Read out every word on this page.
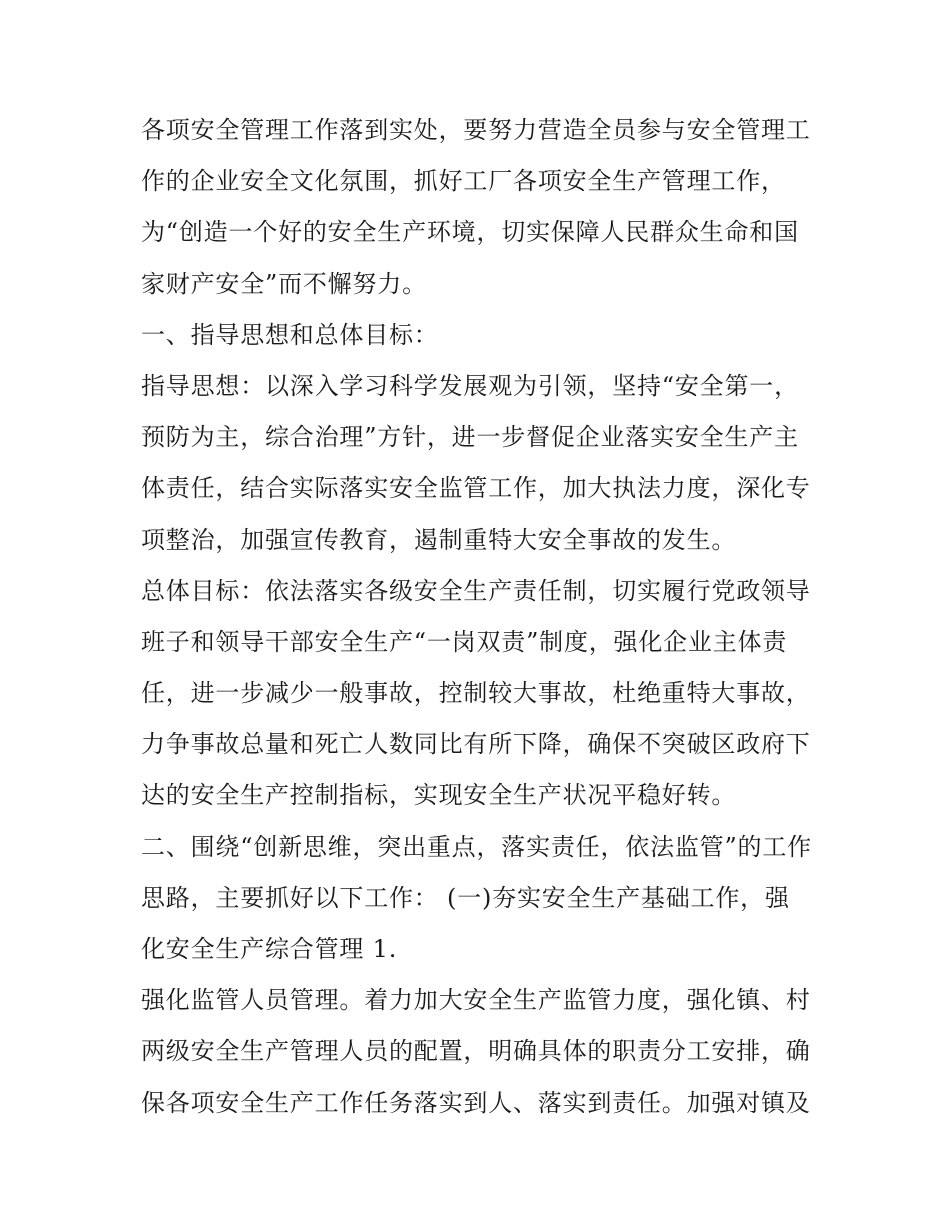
各项安全管理工作落到实处，要努力营造全员参与安全管理工
作的企业安全文化氛围，抓好工厂各项安全生产管理工作，
为“创造一个好的安全生产环境，切实保障人民群众生命和国
家财产安全”而不懈努力。
一、指导思想和总体目标：
指导思想：以深入学习科学发展观为引领，坚持“安全第一，
预防为主，综合治理”方针，进一步督促企业落实安全生产主
体责任，结合实际落实安全监管工作，加大执法力度，深化专
项整治，加强宣传教育，遏制重特大安全事故的发生。
总体目标：依法落实各级安全生产责任制，切实履行党政领导
班子和领导干部安全生产“一岗双责”制度，强化企业主体责
任，进一步减少一般事故，控制较大事故，杜绝重特大事故，
力争事故总量和死亡人数同比有所下降，确保不突破区政府下
达的安全生产控制指标，实现安全生产状况平稳好转。
二、围绕“创新思维，突出重点，落实责任，依法监管”的工作
思路，主要抓好以下工作： (一)夯实安全生产基础工作，强
化安全生产综合管理 1.
强化监管人员管理。着力加大安全生产监管力度，强化镇、村
两级安全生产管理人员的配置，明确具体的职责分工安排，确
保各项安全生产工作任务落实到人、落实到责任。加强对镇及
